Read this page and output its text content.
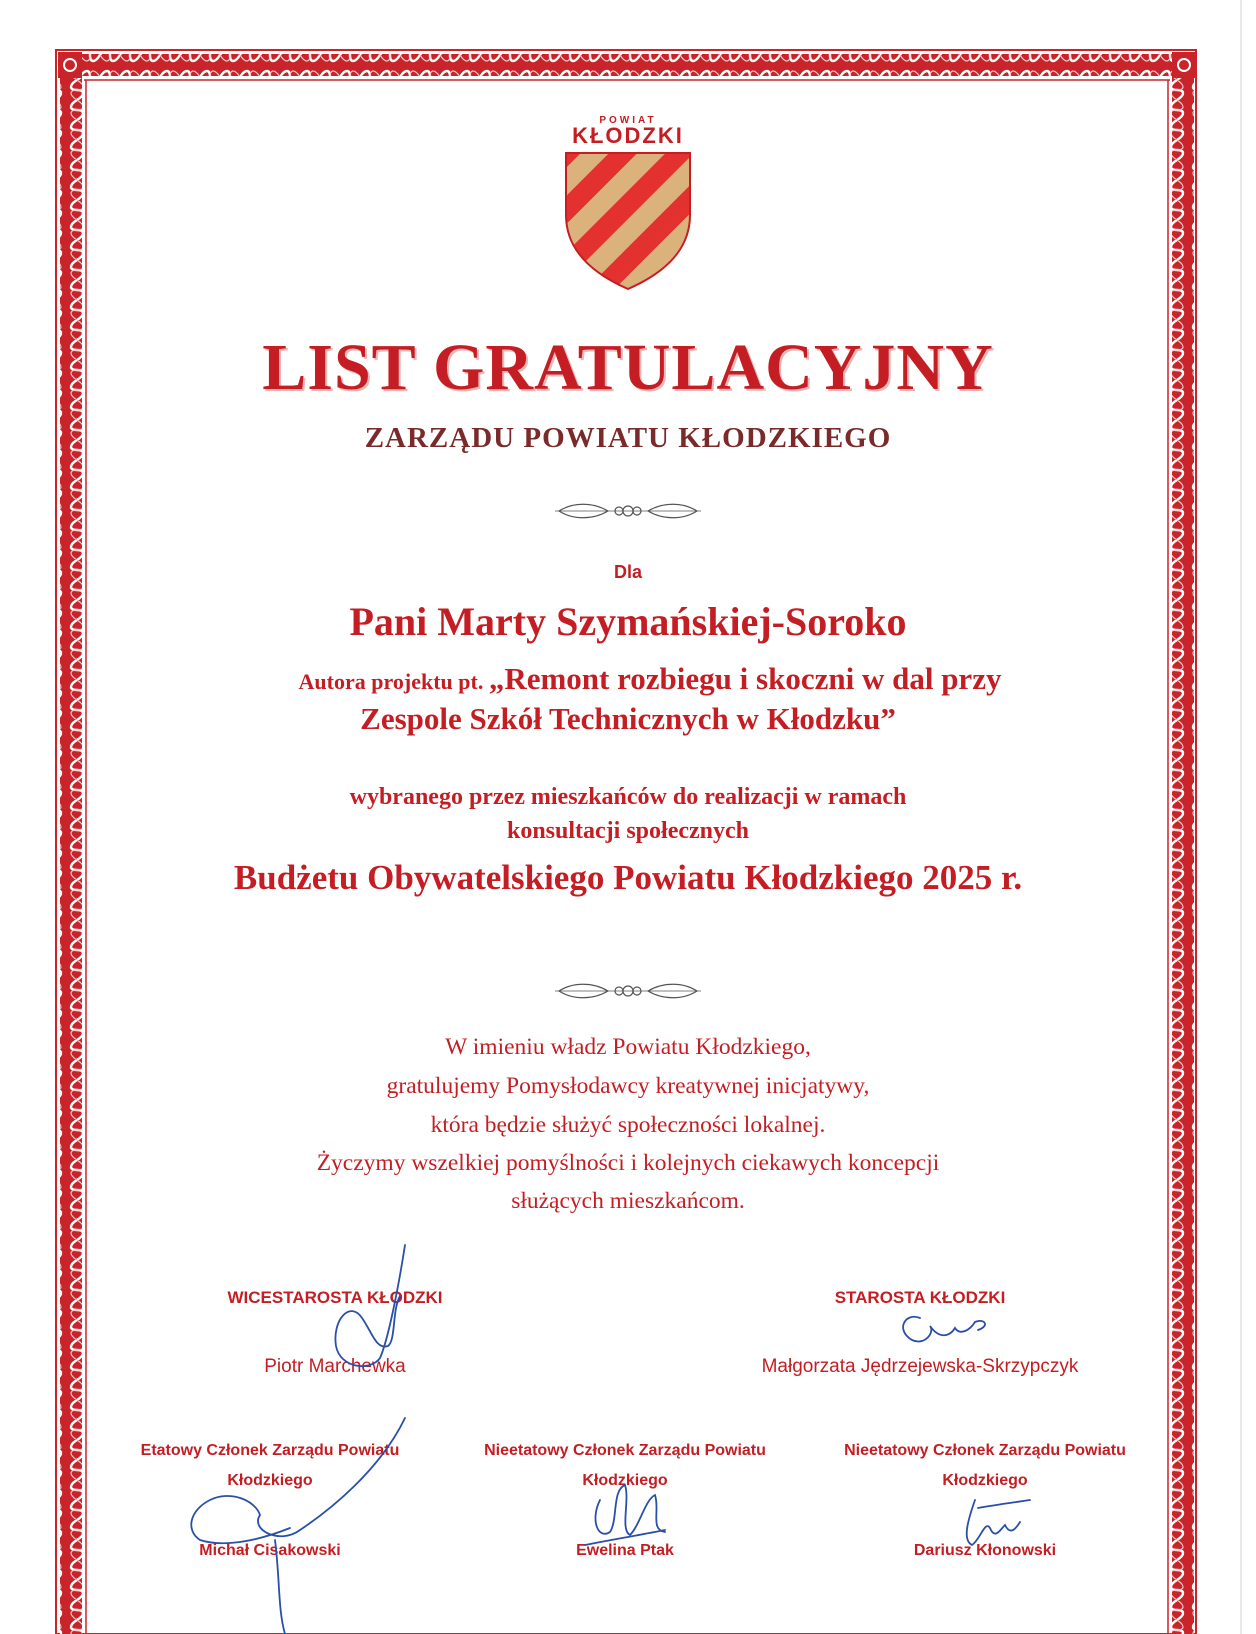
POWIAT
KŁODZKI
LIST GRATULACYJNY
ZARZĄDU POWIATU KŁODZKIEGO
Dla
Pani Marty Szymańskiej-Soroko
Autora projektu pt. „Remont rozbiegu i skoczni w dal przy
Zespole Szkół Technicznych w Kłodzku”
wybranego przez mieszkańców do realizacji w ramach
konsultacji społecznych
Budżetu Obywatelskiego Powiatu Kłodzkiego 2025 r.
W imieniu władz Powiatu Kłodzkiego,
gratulujemy Pomysłodawcy kreatywnej inicjatywy,
która będzie służyć społeczności lokalnej.
Życzymy wszelkiej pomyślności i kolejnych ciekawych koncepcji
służących mieszkańcom.
WICESTAROSTA KŁODZKI
Piotr Marchewka
STAROSTA KŁODZKI
Małgorzata Jędrzejewska-Skrzypczyk
Etatowy Członek Zarządu Powiatu
Kłodzkiego
Michał Cisakowski
Nieetatowy Członek Zarządu Powiatu
Kłodzkiego
Ewelina Ptak
Nieetatowy Członek Zarządu Powiatu
Kłodzkiego
Dariusz Kłonowski
